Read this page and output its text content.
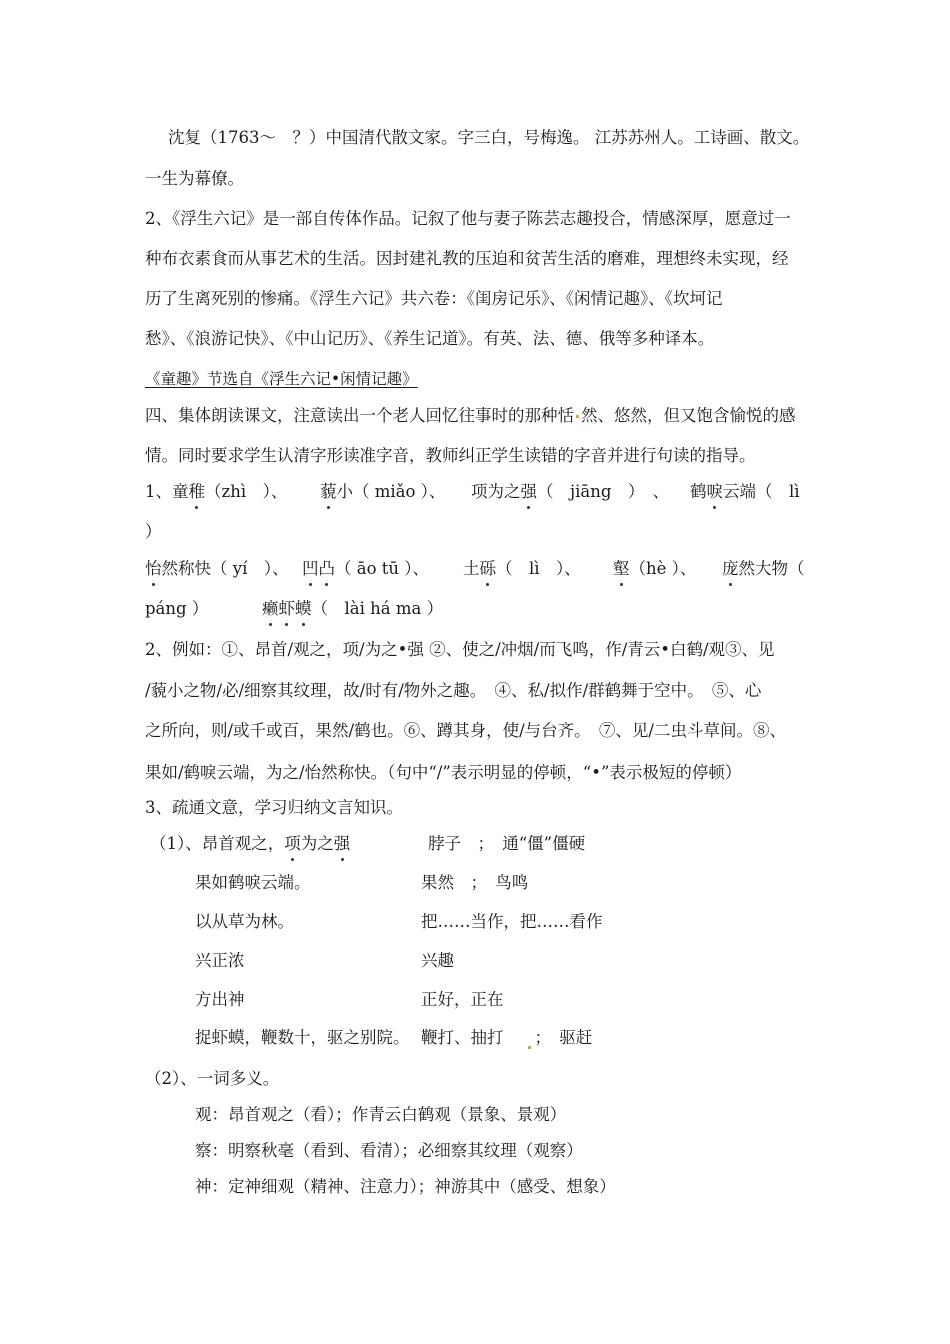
沈复（1763～　？）中国清代散文家。字三白，号梅逸。 江苏苏州人。工诗画、散文。
一生为幕僚。
2、《浮生六记》是一部自传体作品。记叙了他与妻子陈芸志趣投合，情感深厚，愿意过一
种布衣素食而从事艺术的生活。因封建礼教的压迫和贫苦生活的磨难，理想终未实现，经
历了生离死别的惨痛。《浮生六记》共六卷：《闺房记乐》、《闲情记趣》、《坎坷记
愁》、《浪游记快》、《中山记历》、《养生记道》。有英、法、德、俄等多种译本。
《童趣》节选自《浮生六记•闲情记趣》
四、集体朗读课文，注意读出一个老人回忆往事时的那种恬 然、悠然，但又饱含愉悦的感
情。同时要求学生认清字形读准字音，教师纠正学生读错的字音并进行句读的指导。
1、童稚（zhì　）、 藐小（ miǎo ）、 项为之强（　jiāng　）　、 鹤唳云端（　lì
）
怡然称快（ yí　）、 凹凸（ āo tū ）、 土砾（　lì　）、 壑（hè ）、 庞然大物（
páng ）	癞虾蟆（　lài há ma ）
2、例如：①、昂首/观之，项/为之•强 ②、使之/冲烟/而飞鸣，作/青云•白鹤/观③、见
/藐小之物/必/细察其纹理，故/时有/物外之趣。　④、私/拟作/群鹤舞于空中。　⑤、心
之所向，则/或千或百，果然/鹤也。⑥、蹲其身，使/与台齐。　⑦、见/二虫斗草间。⑧、
果如/鹤唳云端，为之/怡然称快。（句中“/”表示明显的停顿，“•”表示极短的停顿）
3、疏通文意，学习归纳文言知识。
（1）、昂首观之，项为之强	脖子　；　通“僵”僵硬
果如鹤唳云端。	果然　；　鸟鸣
以从草为林。	把……当作，把……看作
兴正浓	兴趣
方出神	正好，正在
捉虾蟆，鞭数十，驱之别院。 鞭打、抽打 ；　驱赶
（2）、一词多义。
观：昂首观之（看）；作青云白鹤观（景象、景观）
察：明察秋毫（看到、看清）；必细察其纹理（观察）
神：定神细观（精神、注意力）；神游其中（感受、想象）
